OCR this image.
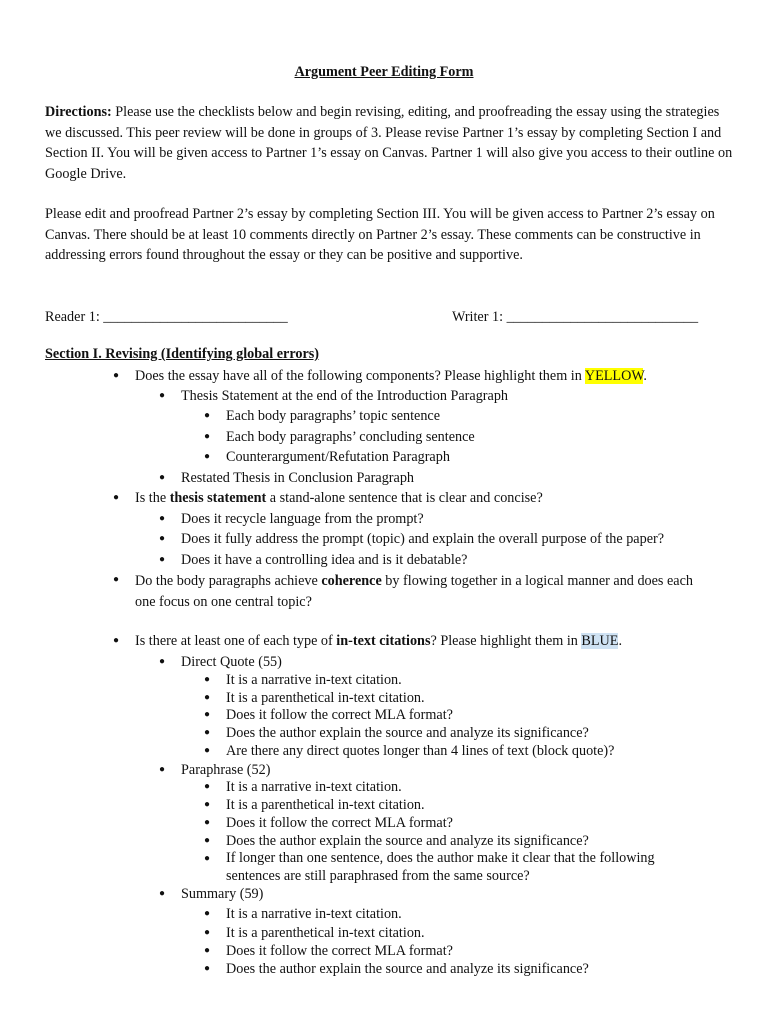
Argument Peer Editing Form

Directions: Please use the checklists below and begin revising, editing, and proofreading the essay using the strategies we discussed. This peer review will be done in groups of 3. Please revise Partner 1’s essay by completing Section I and Section II. You will be given access to Partner 1’s essay on Canvas. Partner 1 will also give you access to their outline on Google Drive.

Please edit and proofread Partner 2’s essay by completing Section III. You will be given access to Partner 2’s essay on Canvas. There should be at least 10 comments directly on Partner 2’s essay. These comments can be constructive in addressing errors found throughout the essay or they can be positive and supportive.

Reader 1: __________________________	Writer 1: ___________________________
Section I. Revising (Identifying global errors)
● Does the essay have all of the following components? Please highlight them in YELLOW.
● Thesis Statement at the end of the Introduction Paragraph
● Each body paragraphs’ topic sentence
● Each body paragraphs’ concluding sentence
● Counterargument/Refutation Paragraph
● Restated Thesis in Conclusion Paragraph
● Is the thesis statement a stand-alone sentence that is clear and concise?
● Does it recycle language from the prompt?
● Does it fully address the prompt (topic) and explain the overall purpose of the paper?
● Does it have a controlling idea and is it debatable?
● Do the body paragraphs achieve coherence by flowing together in a logical manner and does each one focus on one central topic?
● Is there at least one of each type of in-text citations? Please highlight them in BLUE.
● Direct Quote (55)
● It is a narrative in-text citation.
● It is a parenthetical in-text citation.
● Does it follow the correct MLA format?
● Does the author explain the source and analyze its significance?
● Are there any direct quotes longer than 4 lines of text (block quote)?
● Paraphrase (52)
● It is a narrative in-text citation.
● It is a parenthetical in-text citation.
● Does it follow the correct MLA format?
● Does the author explain the source and analyze its significance?
● If longer than one sentence, does the author make it clear that the following sentences are still paraphrased from the same source?
● Summary (59)
● It is a narrative in-text citation.
● It is a parenthetical in-text citation.
● Does it follow the correct MLA format?
● Does the author explain the source and analyze its significance?
